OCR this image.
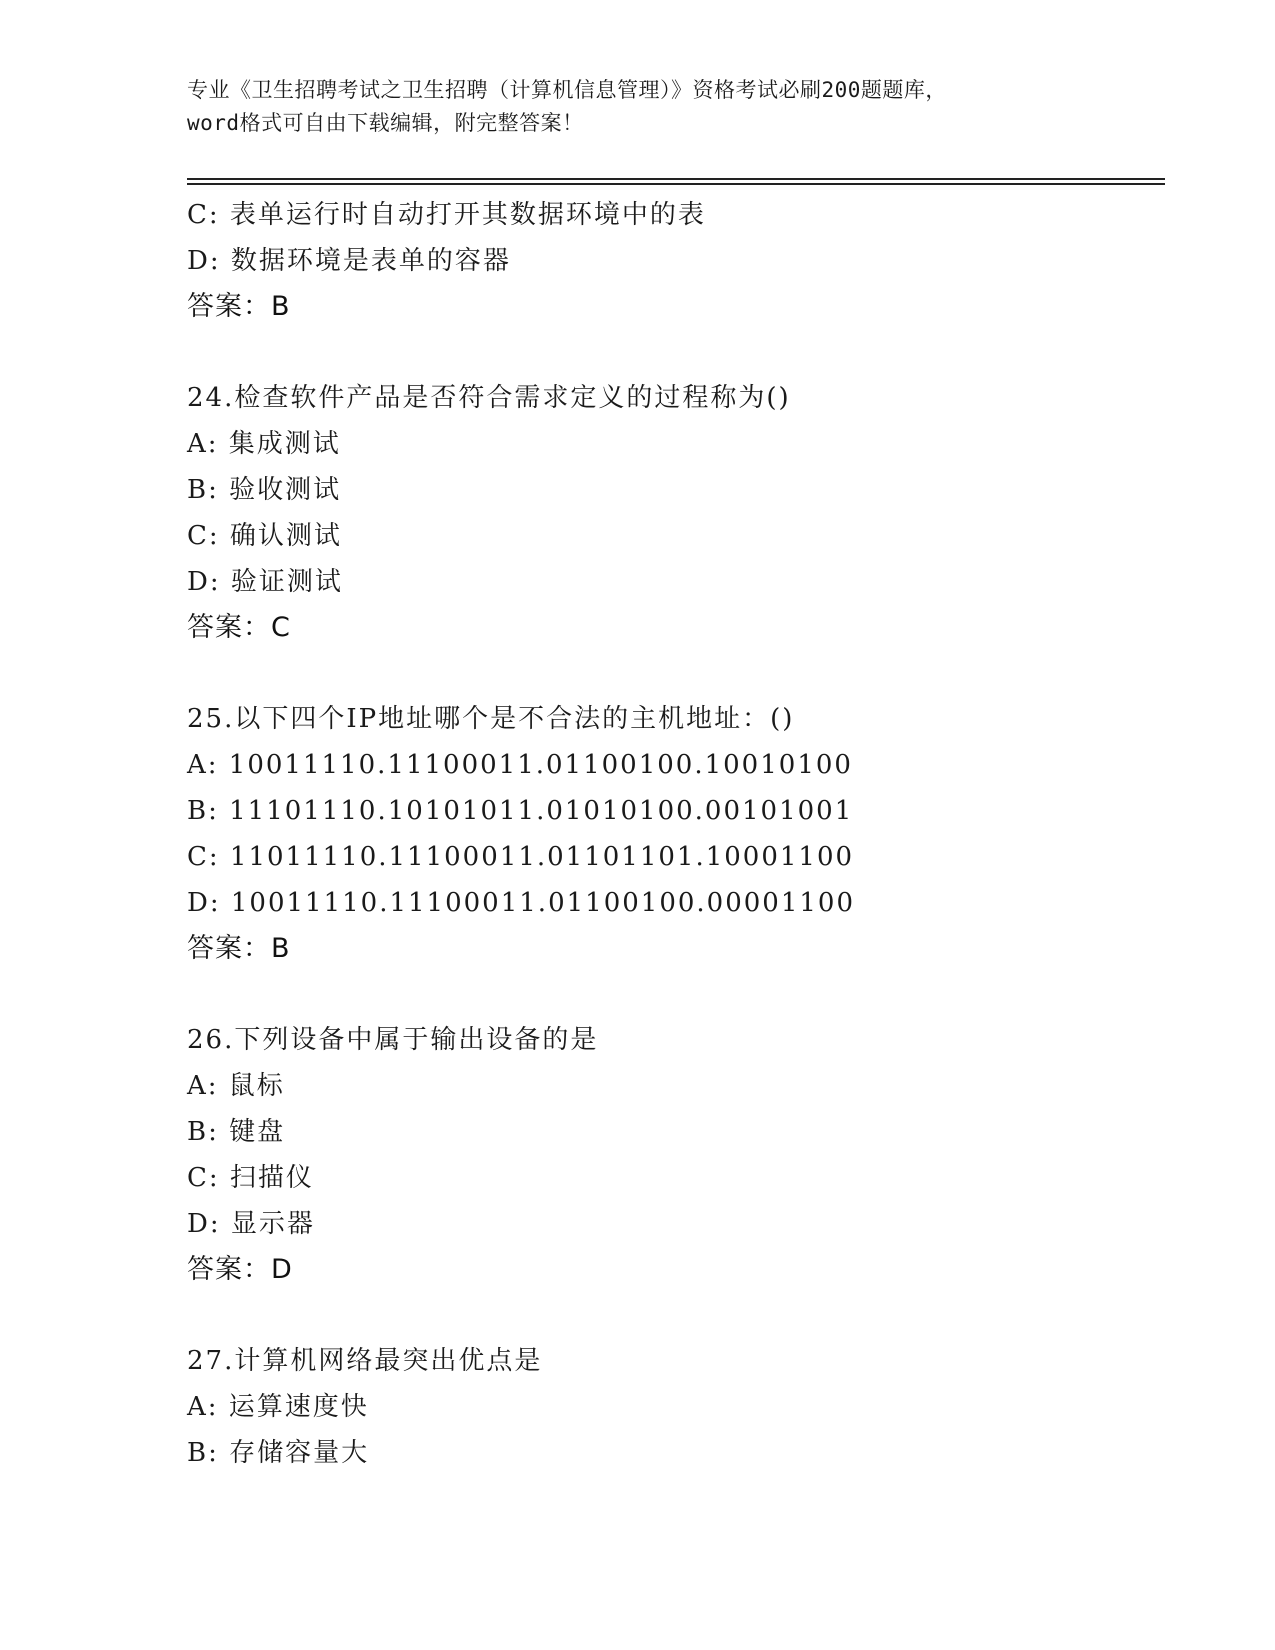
专业《卫生招聘考试之卫生招聘（计算机信息管理）》资格考试必刷200题题库，
word格式可自由下载编辑，附完整答案！
C: 表单运行时自动打开其数据环境中的表
D: 数据环境是表单的容器
答案：B
24.检查软件产品是否符合需求定义的过程称为()
A: 集成测试
B: 验收测试
C: 确认测试
D: 验证测试
答案：C
25.以下四个IP地址哪个是不合法的主机地址：()
A: 10011110.11100011.01100100.10010100
B: 11101110.10101011.01010100.00101001
C: 11011110.11100011.01101101.10001100
D: 10011110.11100011.01100100.00001100
答案：B
26.下列设备中属于输出设备的是
A: 鼠标
B: 键盘
C: 扫描仪
D: 显示器
答案：D
27.计算机网络最突出优点是
A: 运算速度快
B: 存储容量大
